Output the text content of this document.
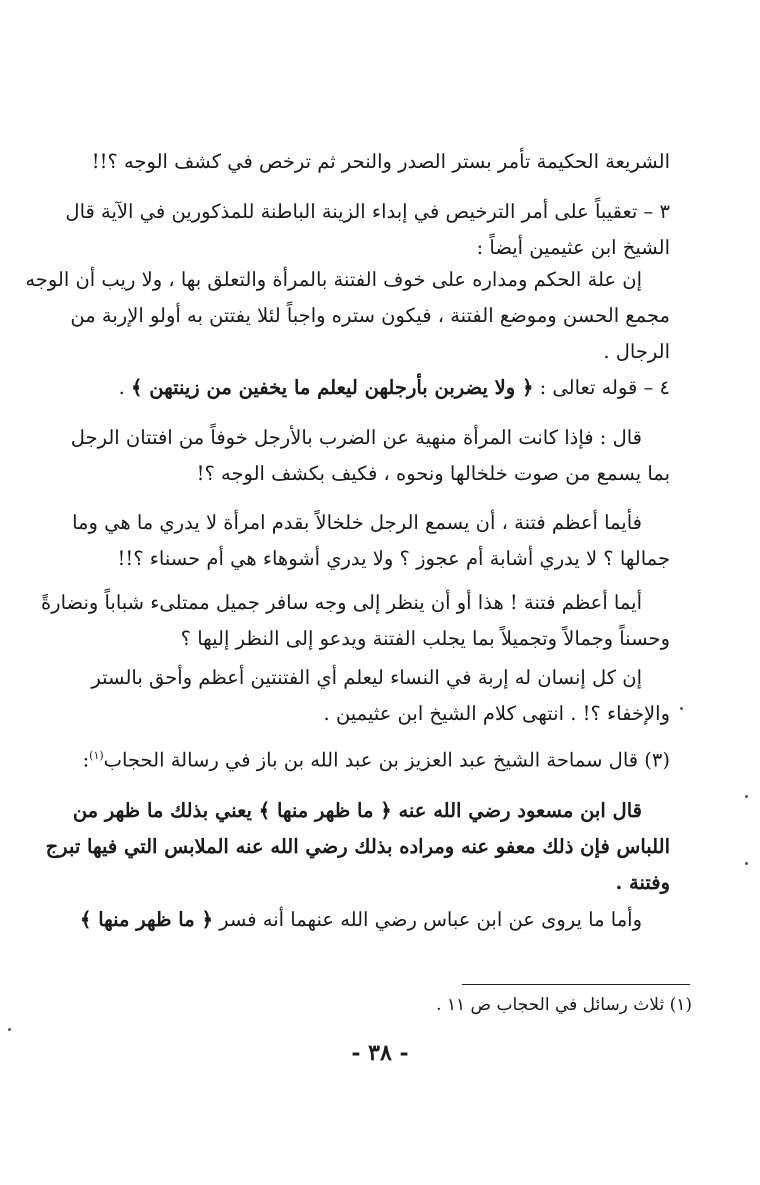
الشريعة الحكيمة تأمر بستر الصدر والنحر ثم ترخص في كشف الوجه ؟!!
٣ – تعقيباً على أمر الترخيص في إبداء الزينة الباطنة للمذكورين في الآية قال
الشيخ ابن عثيمين أيضاً :
إن علة الحكم ومداره على خوف الفتنة بالمرأة والتعلق بها ، ولا ريب أن الوجه
مجمع الحسن وموضع الفتنة ، فيكون ستره واجباً لئلا يفتتن به أولو الإربة من
الرجال .
٤ – قوله تعالى : ﴿ ولا يضربن بأرجلهن ليعلم ما يخفين من زينتهن ﴾ .
قال : فإذا كانت المرأة منهية عن الضرب بالأرجل خوفاً من افتتان الرجل
بما يسمع من صوت خلخالها ونحوه ، فكيف بكشف الوجه ؟!
فأيما أعظم فتنة ، أن يسمع الرجل خلخالاً بقدم امرأة لا يدري ما هي وما
جمالها ؟ لا يدري أشابة أم عجوز ؟ ولا يدري أشوهاء هي أم حسناء ؟!!
أيما أعظم فتنة ! هذا أو أن ينظر إلى وجه سافر جميل ممتلىء شباباً ونضارةً
وحسناً وجمالاً وتجميلاً بما يجلب الفتنة ويدعو إلى النظر إليها ؟
إن كل إنسان له إربة في النساء ليعلم أي الفتنتين أعظم وأحق بالستر
والإخفاء ؟! . انتهى كلام الشيخ ابن عثيمين .
(٣) قال سماحة الشيخ عبد العزيز بن عبد الله بن باز في رسالة الحجاب$^{(١)}$:
قال ابن مسعود رضي الله عنه ﴿ ما ظهر منها ﴾ يعني بذلك ما ظهر من
اللباس فإن ذلك معفو عنه ومراده بذلك رضي الله عنه الملابس التي فيها تبرج
وفتنة .
وأما ما يروى عن ابن عباس رضي الله عنهما أنه فسر ﴿ ما ظهر منها ﴾
(١) ثلاث رسائل في الحجاب ص ١١ .
- ٣٨ -
